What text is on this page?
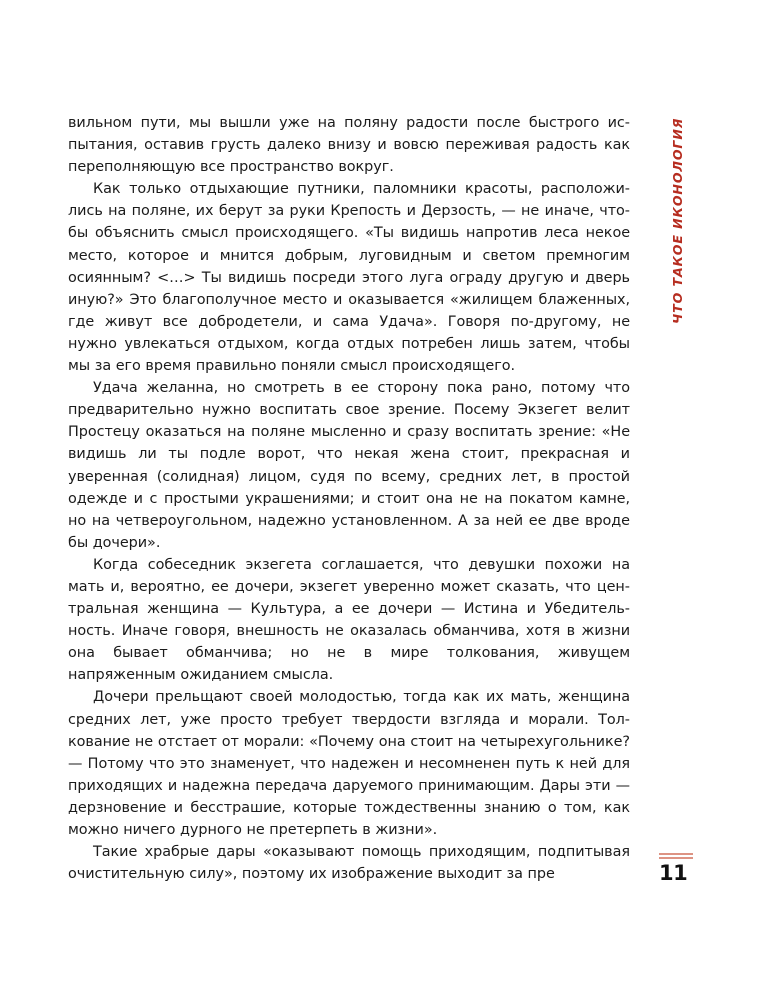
вильном пути, мы вышли уже на поляну радости после быстрого испытания, оставив грусть далеко внизу и вовсю переживая радость как переполняющую все пространство вокруг.

Как только отдыхающие путники, паломники красоты, расположились на поляне, их берут за руки Крепость и Дерзость, — не иначе, чтобы объяснить смысл происходящего. «Ты видишь напротив леса некое место, которое и мнится добрым, луговидным и светом премногим осиянным? <…> Ты видишь посреди этого луга ограду другую и дверь иную?» Это благополучное место и оказывается «жилищем блаженных, где живут все добродетели, и сама Удача». Говоря по-другому, не нужно увлекаться отдыхом, когда отдых потребен лишь затем, чтобы мы за его время правильно поняли смысл происходящего.

Удача желанна, но смотреть в ее сторону пока рано, потому что предварительно нужно воспитать свое зрение. Посему Экзегет велит Простецу оказаться на поляне мысленно и сразу воспитать зрение: «Не видишь ли ты подле ворот, что некая жена стоит, прекрасная и уверенная (солидная) лицом, судя по всему, средних лет, в простой одежде и с простыми украшениями; и стоит она не на покатом камне, но на четвероугольном, надежно установленном. А за ней ее две вроде бы дочери».

Когда собеседник экзегета соглашается, что девушки похожи на мать и, вероятно, ее дочери, экзегет уверенно может сказать, что центральная женщина — Культура, а ее дочери — Истина и Убедительность. Иначе говоря, внешность не оказалась обманчива, хотя в жизни она бывает обманчива; но не в мире толкования, живущем напряженным ожиданием смысла.

Дочери прельщают своей молодостью, тогда как их мать, женщина средних лет, уже просто требует твердости взгляда и морали. Толкование не отстает от морали: «Почему она стоит на четырехугольнике? — Потому что это знаменует, что надежен и несомненен путь к ней для приходящих и надежна передача даруемого принимающим. Дары эти — дерзновение и бесстрашие, которые тождественны знанию о том, как можно ничего дурного не претерпеть в жизни».

Такие храбрые дары «оказывают помощь приходящим, подпитывая очистительную силу», поэтому их изображение выходит за пре

ЧТО ТАКОЕ ИКОНОЛОГИЯ
11
